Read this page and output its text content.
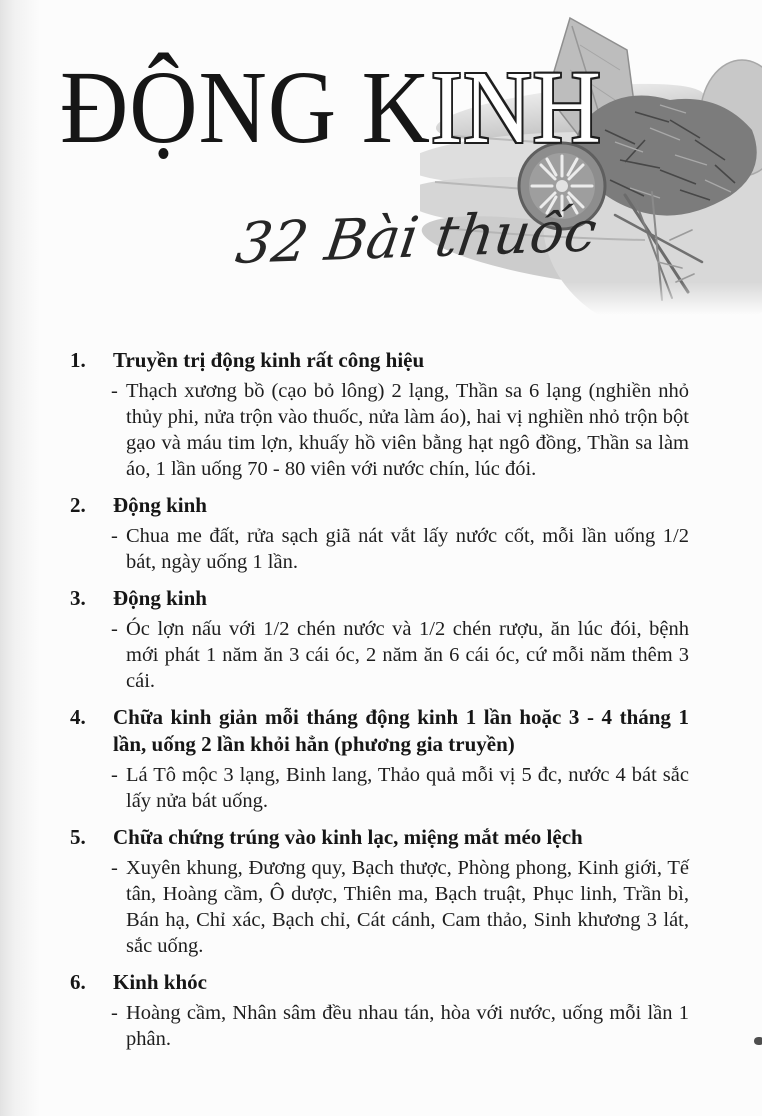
ĐỘNG KINH
32 Bài thuốc
1.	Truyền trị động kinh rất công hiệu

- Thạch xương bồ (cạo bỏ lông) 2 lạng, Thần sa 6 lạng (nghiền nhỏ thủy phi, nửa trộn vào thuốc, nửa làm áo), hai vị nghiền nhỏ trộn bột gạo và máu tim lợn, khuấy hồ viên bằng hạt ngô đồng, Thần sa làm áo, 1 lần uống 70 - 80 viên với nước chín, lúc đói.

2.	Động kinh

- Chua me đất, rửa sạch giã nát vắt lấy nước cốt, mỗi lần uống 1/2 bát, ngày uống 1 lần.

3.	Động kinh

- Óc lợn nấu với 1/2 chén nước và 1/2 chén rượu, ăn lúc đói, bệnh mới phát 1 năm ăn 3 cái óc, 2 năm ăn 6 cái óc, cứ mỗi năm thêm 3 cái.

4.	Chữa kinh giản mỗi tháng động kinh 1 lần hoặc 3 - 4 tháng 1 lần, uống 2 lần khỏi hẳn (phương gia truyền)

- Lá Tô mộc 3 lạng, Binh lang, Thảo quả mỗi vị 5 đc, nước 4 bát sắc lấy nửa bát uống.

5.	Chữa chứng trúng vào kinh lạc, miệng mắt méo lệch

- Xuyên khung, Đương quy, Bạch thược, Phòng phong, Kinh giới, Tế tân, Hoàng cầm, Ô dược, Thiên ma, Bạch truật, Phục linh, Trần bì, Bán hạ, Chỉ xác, Bạch chỉ, Cát cánh, Cam thảo, Sinh khương 3 lát, sắc uống.

6.	Kinh khóc

- Hoàng cầm, Nhân sâm đều nhau tán, hòa với nước, uống mỗi lần 1 phân.
